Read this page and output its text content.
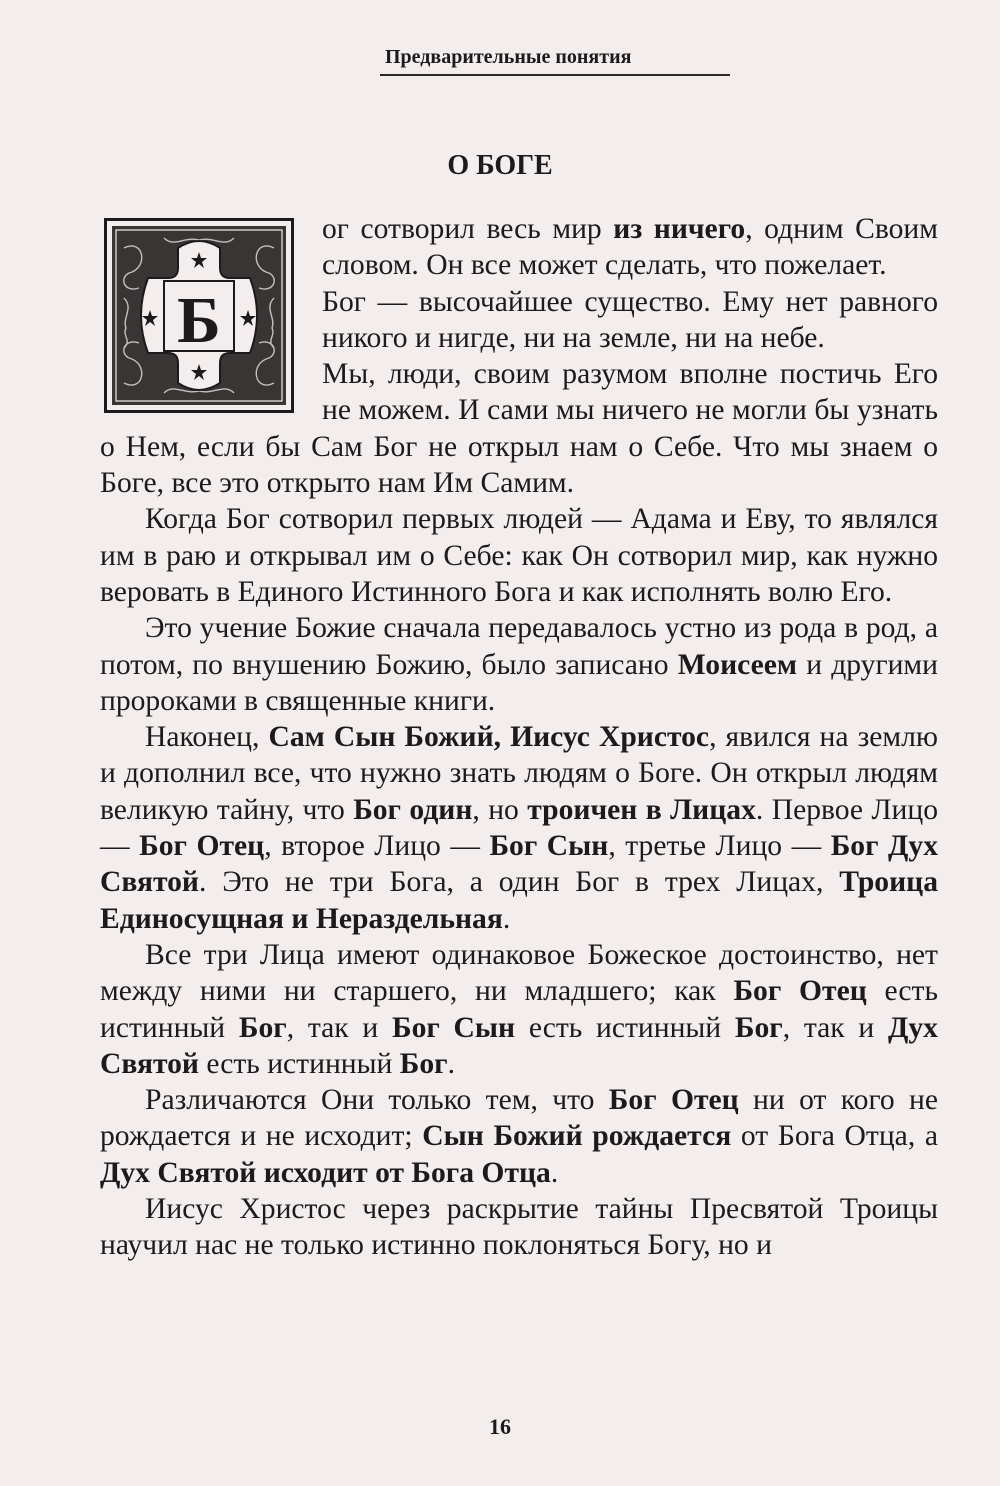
Предварительные понятия
О БОГЕ
Б

ог сотворил весь мир из ничего, одним Своим словом. Он все может сделать, что пожелает.

Бог — высочайшее существо. Ему нет равного никого и нигде, ни на земле, ни на небе.

Мы, люди, своим разумом вполне постичь Его не можем. И сами мы ничего не могли бы узнать о Нем, если бы Сам Бог не открыл нам о Себе. Что мы знаем о Боге, все это открыто нам Им Самим.

Когда Бог сотворил первых людей — Адама и Еву, то являлся им в раю и открывал им о Себе: как Он сотворил мир, как нужно веровать в Единого Истинного Бога и как исполнять волю Его.

Это учение Божие сначала передавалось устно из рода в род, а потом, по внушению Божию, было записано Моисеем и другими пророками в священные книги.

Наконец, Сам Сын Божий, Иисус Христос, явился на землю и дополнил все, что нужно знать людям о Боге. Он открыл людям великую тайну, что Бог один, но троичен в Лицах. Первое Лицо — Бог Отец, второе Лицо — Бог Сын, третье Лицо — Бог Дух Святой. Это не три Бога, а один Бог в трех Лицах, Троица Единосущная и Нераздельная.

Все три Лица имеют одинаковое Божеское достоинство, нет между ними ни старшего, ни младшего; как Бог Отец есть истинный Бог, так и Бог Сын есть истинный Бог, так и Дух Святой есть истинный Бог.

Различаются Они только тем, что Бог Отец ни от кого не рождается и не исходит; Сын Божий рождается от Бога Отца, а Дух Святой исходит от Бога Отца.

Иисус Христос через раскрытие тайны Пресвятой Троицы научил нас не только истинно поклоняться Богу, но и

16
